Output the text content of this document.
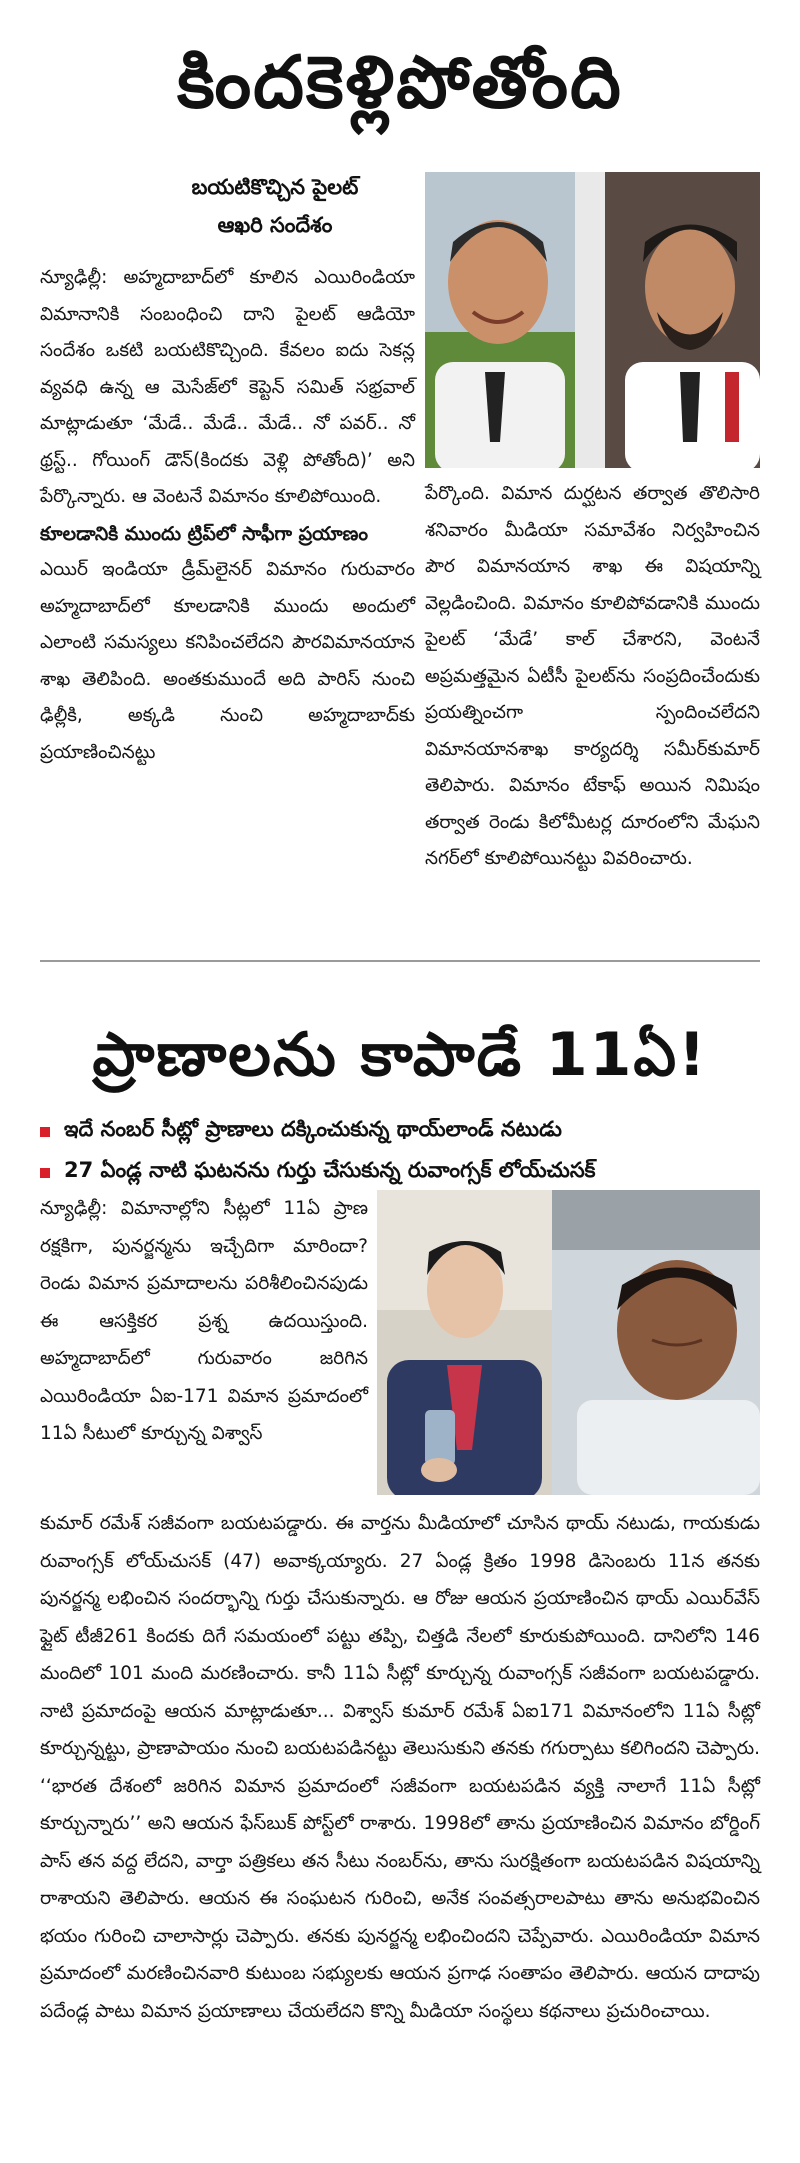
కిందకెళ్లిపోతోంది
బయటికొచ్చిన పైలట్
ఆఖరి సందేశం

న్యూఢిల్లీ: అహ్మదాబాద్‌లో కూలిన ఎయిరిండియా విమానానికి సంబంధించి దాని పైలట్ ఆడియో సందేశం ఒకటి బయటికొచ్చింది. కేవలం ఐదు సెకన్ల వ్యవధి ఉన్న ఆ మెసేజ్‌లో కెప్టెన్ సమిత్ సభ్రవాల్ మాట్లాడుతూ ‘మేడే.. మేడే.. మేడే.. నో పవర్.. నో థ్రస్ట్.. గోయింగ్ డౌన్(కిందకు వెళ్లి పోతోంది)’ అని పేర్కొన్నారు. ఆ వెంటనే విమానం కూలిపోయింది.

కూలడానికి ముందు ట్రిప్‌లో సాఫీగా ప్రయాణం

ఎయిర్ ఇండియా డ్రీమ్‌లైనర్ విమానం గురువారం అహ్మదాబాద్‌లో కూలడానికి ముందు అందులో ఎలాంటి సమస్యలు కనిపించలేదని పౌరవిమానయాన శాఖ తెలిపింది. అంతకుముందే అది పారిస్ నుంచి ఢిల్లీకి, అక్కడి నుంచి అహ్మదాబాద్‌కు ప్రయాణించినట్టు

పేర్కొంది. విమాన దుర్ఘటన తర్వాత తొలిసారి శనివారం మీడియా సమావేశం నిర్వహించిన పౌర విమానయాన శాఖ ఈ విషయాన్ని వెల్లడించింది. విమానం కూలిపోవడానికి ముందు పైలట్ ‘మేడే’ కాల్ చేశారని, వెంటనే అప్రమత్తమైన ఏటీసీ పైలట్‌ను సంప్రదించేందుకు ప్రయత్నించగా స్పందించలేదని విమానయానశాఖ కార్యదర్శి సమీర్‌కుమార్ తెలిపారు. విమానం టేకాఫ్ అయిన నిమిషం తర్వాత రెండు కిలోమీటర్ల దూరంలోని మేఘని నగర్‌లో కూలిపోయినట్టు వివరించారు.

ప్రాణాలను కాపాడే 11ఏ!
ఇదే నంబర్ సీట్లో ప్రాణాలు దక్కించుకున్న థాయ్‌లాండ్ నటుడు
27 ఏండ్ల నాటి ఘటనను గుర్తు చేసుకున్న రువాంగ్సక్ లోయ్‌చుసక్

న్యూఢిల్లీ: విమానాల్లోని సీట్లలో 11ఏ ప్రాణ రక్షకిగా, పునర్జన్మను ఇచ్చేదిగా మారిందా? రెండు విమాన ప్రమాదాలను పరిశీలించినపుడు ఈ ఆసక్తికర ప్రశ్న ఉదయిస్తుంది. అహ్మదాబాద్‌లో గురువారం జరిగిన ఎయిరిండియా ఏఐ-171 విమాన ప్రమాదంలో 11ఏ సీటులో కూర్చున్న విశ్వాస్

కుమార్ రమేశ్ సజీవంగా బయటపడ్డారు. ఈ వార్తను మీడియాలో చూసిన థాయ్ నటుడు, గాయకుడు రువాంగ్సక్ లోయ్‌చుసక్ (47) అవాక్కయ్యారు. 27 ఏండ్ల క్రితం 1998 డిసెంబరు 11న తనకు పునర్జన్మ లభించిన సందర్భాన్ని గుర్తు చేసుకున్నారు. ఆ రోజు ఆయన ప్రయాణించిన థాయ్ ఎయిర్‌వేస్ ఫ్లైట్ టీజీ261 కిందకు దిగే సమయంలో పట్టు తప్పి, చిత్తడి నేలలో కూరుకుపోయింది. దానిలోని 146 మందిలో 101 మంది మరణించారు. కానీ 11ఏ సీట్లో కూర్చున్న రువాంగ్సక్ సజీవంగా బయటపడ్డారు. నాటి ప్రమాదంపై ఆయన మాట్లాడుతూ... విశ్వాస్ కుమార్ రమేశ్ ఏఐ171 విమానంలోని 11ఏ సీట్లో కూర్చున్నట్టు, ప్రాణాపాయం నుంచి బయటపడినట్టు తెలుసుకుని తనకు గగుర్పాటు కలిగిందని చెప్పారు. ‘‘భారత దేశంలో జరిగిన విమాన ప్రమాదంలో సజీవంగా బయటపడిన వ్యక్తి నాలాగే 11ఏ సీట్లో కూర్చున్నారు’’ అని ఆయన ఫేస్‌బుక్ పోస్ట్‌లో రాశారు. 1998లో తాను ప్రయాణించిన విమానం బోర్డింగ్ పాస్ తన వద్ద లేదని, వార్తా పత్రికలు తన సీటు నంబర్‌ను, తాను సురక్షితంగా బయటపడిన విషయాన్ని రాశాయని తెలిపారు. ఆయన ఈ సంఘటన గురించి, అనేక సంవత్సరాలపాటు తాను అనుభవించిన భయం గురించి చాలాసార్లు చెప్పారు. తనకు పునర్జన్మ లభించిందని చెప్పేవారు. ఎయిరిండియా విమాన ప్రమాదంలో మరణించినవారి కుటుంబ సభ్యులకు ఆయన ప్రగాఢ సంతాపం తెలిపారు. ఆయన దాదాపు పదేండ్ల పాటు విమాన ప్రయాణాలు చేయలేదని కొన్ని మీడియా సంస్థలు కథనాలు ప్రచురించాయి.
